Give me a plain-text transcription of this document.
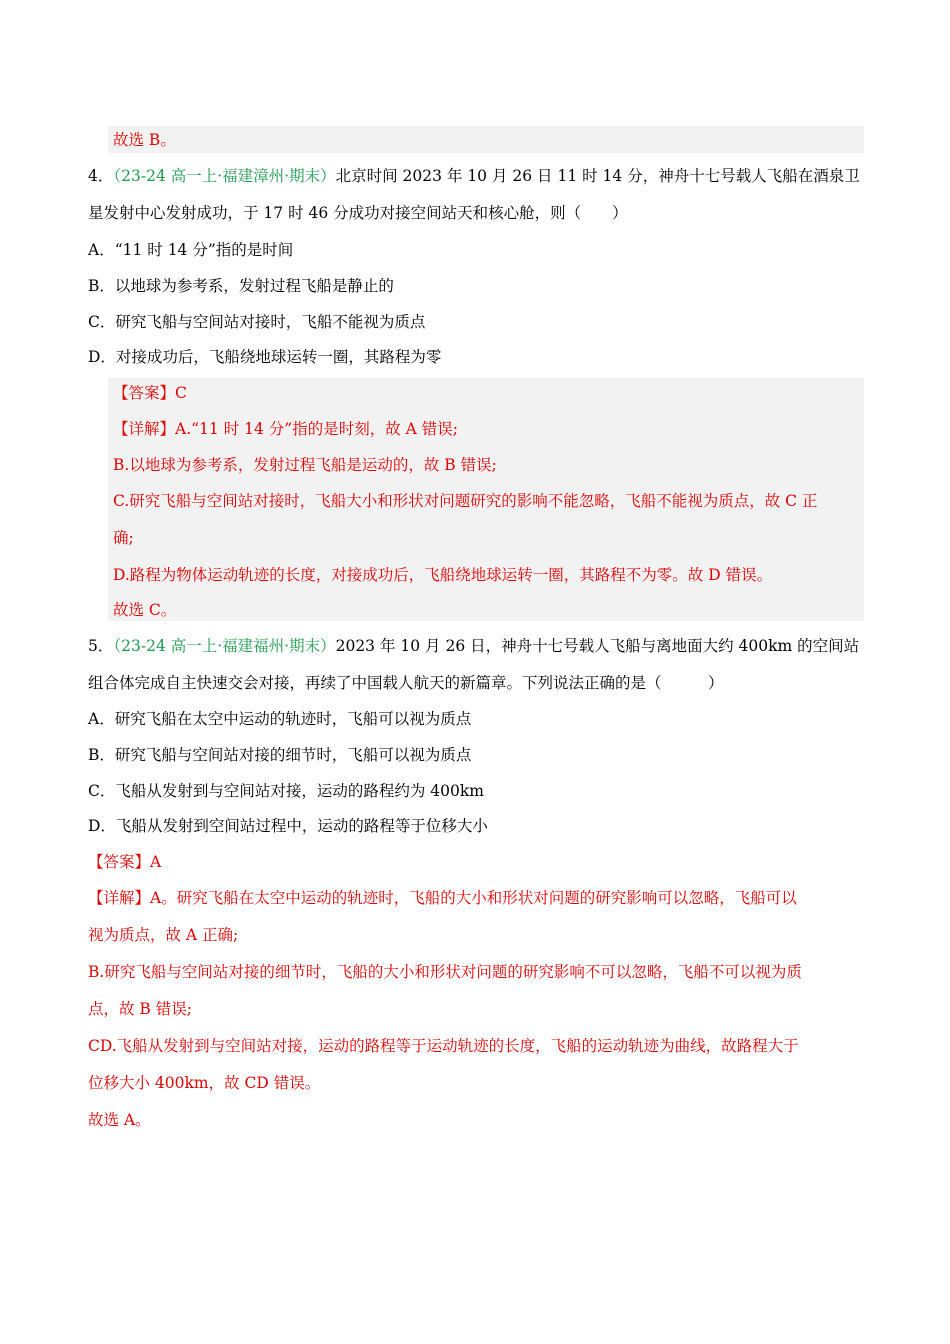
故选 B。
4．（23-24 高一上·福建漳州·期末）北京时间 2023 年 10 月 26 日 11 时 14 分，神舟十七号载人飞船在酒泉卫
星发射中心发射成功，于 17 时 46 分成功对接空间站天和核心舱，则（　　）
A．“11 时 14 分”指的是时间
B．以地球为参考系，发射过程飞船是静止的
C．研究飞船与空间站对接时，飞船不能视为质点
D．对接成功后，飞船绕地球运转一圈，其路程为零
【答案】C
【详解】A.“11 时 14 分”指的是时刻，故 A 错误;
B.以地球为参考系，发射过程飞船是运动的，故 B 错误;
C.研究飞船与空间站对接时，飞船大小和形状对问题研究的影响不能忽略，飞船不能视为质点，故 C 正
确;
D.路程为物体运动轨迹的长度，对接成功后，飞船绕地球运转一圈，其路程不为零。故 D 错误。
故选 C。
5．（23-24 高一上·福建福州·期末）2023 年 10 月 26 日，神舟十七号载人飞船与离地面大约 400km 的空间站
组合体完成自主快速交会对接，再续了中国载人航天的新篇章。下列说法正确的是（　　　）
A．研究飞船在太空中运动的轨迹时，飞船可以视为质点
B．研究飞船与空间站对接的细节时，飞船可以视为质点
C．飞船从发射到与空间站对接，运动的路程约为 400km
D．飞船从发射到空间站过程中，运动的路程等于位移大小
【答案】A
【详解】A。研究飞船在太空中运动的轨迹时，飞船的大小和形状对问题的研究影响可以忽略，飞船可以
视为质点，故 A 正确;
B.研究飞船与空间站对接的细节时，飞船的大小和形状对问题的研究影响不可以忽略，飞船不可以视为质
点，故 B 错误;
CD.飞船从发射到与空间站对接，运动的路程等于运动轨迹的长度，飞船的运动轨迹为曲线，故路程大于
位移大小 400km，故 CD 错误。
故选 A。
